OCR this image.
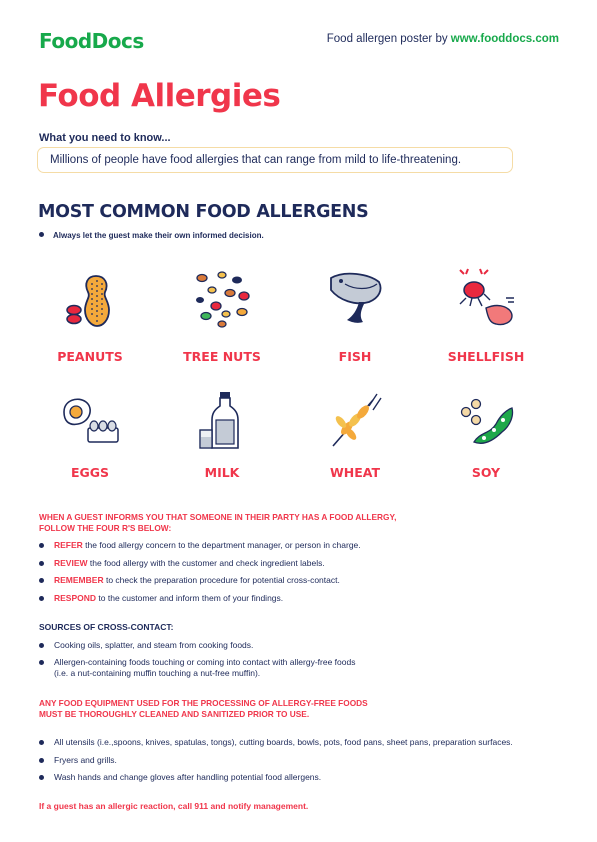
FoodDocs	Food allergen poster by www.fooddocs.com
Food Allergies
What you need to know...
Millions of people have food allergies that can range from mild to life-threatening.
MOST COMMON FOOD ALLERGENS
Always let the guest make their own informed decision.
PEANUTS	TREE NUTS	FISH	SHELLFISH
EGGS	MILK	WHEAT	SOY
WHEN A GUEST INFORMS YOU THAT SOMEONE IN THEIR PARTY HAS A FOOD ALLERGY,
FOLLOW THE FOUR R'S BELOW:
REFER the food allergy concern to the department manager, or person in charge.
REVIEW the food allergy with the customer and check ingredient labels.
REMEMBER to check the preparation procedure for potential cross-contact.
RESPOND to the customer and inform them of your findings.
SOURCES OF CROSS-CONTACT:
Cooking oils, splatter, and steam from cooking foods.
Allergen-containing foods touching or coming into contact with allergy-free foods
(i.e. a nut-containing muffin touching a nut-free muffin).
ANY FOOD EQUIPMENT USED FOR THE PROCESSING OF ALLERGY-FREE FOODS
MUST BE THOROUGHLY CLEANED AND SANITIZED PRIOR TO USE.
All utensils (i.e.,spoons, knives, spatulas, tongs), cutting boards, bowls, pots, food pans, sheet pans, preparation surfaces.
Fryers and grills.
Wash hands and change gloves after handling potential food allergens.
If a guest has an allergic reaction, call 911 and notify management.
